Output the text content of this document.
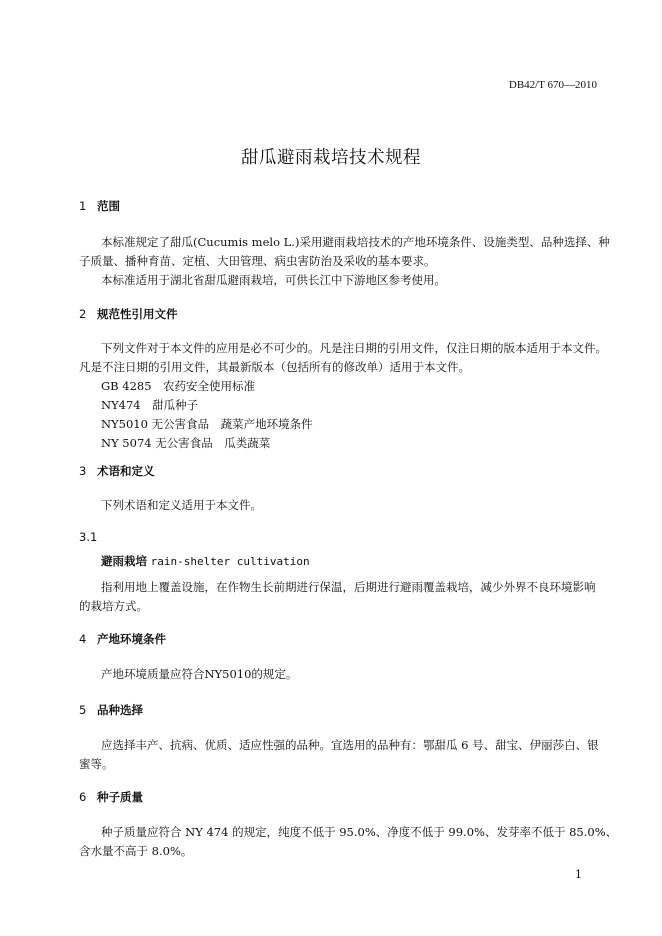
DB42/T 670—2010
甜瓜避雨栽培技术规程
1 范围
本标准规定了甜瓜(Cucumis melo L.)采用避雨栽培技术的产地环境条件、设施类型、品种选择、种
子质量、播种育苗、定植、大田管理、病虫害防治及采收的基本要求。
本标准适用于湖北省甜瓜避雨栽培，可供长江中下游地区参考使用。
2 规范性引用文件
下列文件对于本文件的应用是必不可少的。凡是注日期的引用文件，仅注日期的版本适用于本文件。
凡是不注日期的引用文件，其最新版本（包括所有的修改单）适用于本文件。
GB 4285　农药安全使用标准
NY474　甜瓜种子
NY5010 无公害食品　蔬菜产地环境条件
NY 5074 无公害食品　瓜类蔬菜
3 术语和定义
下列术语和定义适用于本文件。
3.1
避雨栽培 rain-shelter cultivation
指利用地上覆盖设施，在作物生长前期进行保温，后期进行避雨覆盖栽培，减少外界不良环境影响
的栽培方式。
4 产地环境条件
产地环境质量应符合NY5010的规定。
5 品种选择
应选择丰产、抗病、优质、适应性强的品种。宜选用的品种有：鄂甜瓜 6 号、甜宝、伊丽莎白、银
蜜等。
6 种子质量
种子质量应符合 NY 474 的规定，纯度不低于 95.0%、净度不低于 99.0%、发芽率不低于 85.0%、
含水量不高于 8.0%。
1
